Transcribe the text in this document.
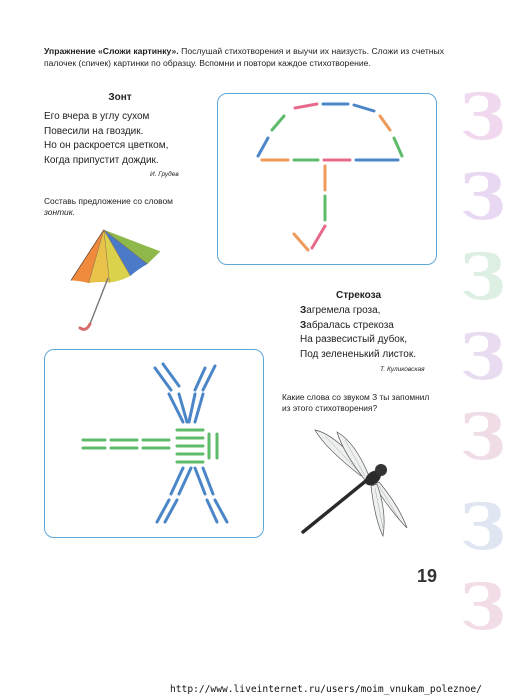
Упражнение «Сложи картинку». Послушай стихотворения и выучи их наизусть. Сложи из счетных палочек (спичек) картинки по образцу. Вспомни и повтори каждое стихотворение.
Зонт
Его вчера в углу сухом
Повесили на гвоздик.
Но он раскроется цветком,
Когда припустит дождик.
И. Грудев
Составь предложение со словом
зонтик.
Стрекоза
Загремела гроза,
Забралась стрекоза
На развесистый дубок,
Под зелененький листок.
Т. Куликовская
Какие слова со звуком З ты запомнил из этого стихотворения?
19
З
З
З
З
З
З
З
http://www.liveinternet.ru/users/moim_vnukam_poleznoe/
